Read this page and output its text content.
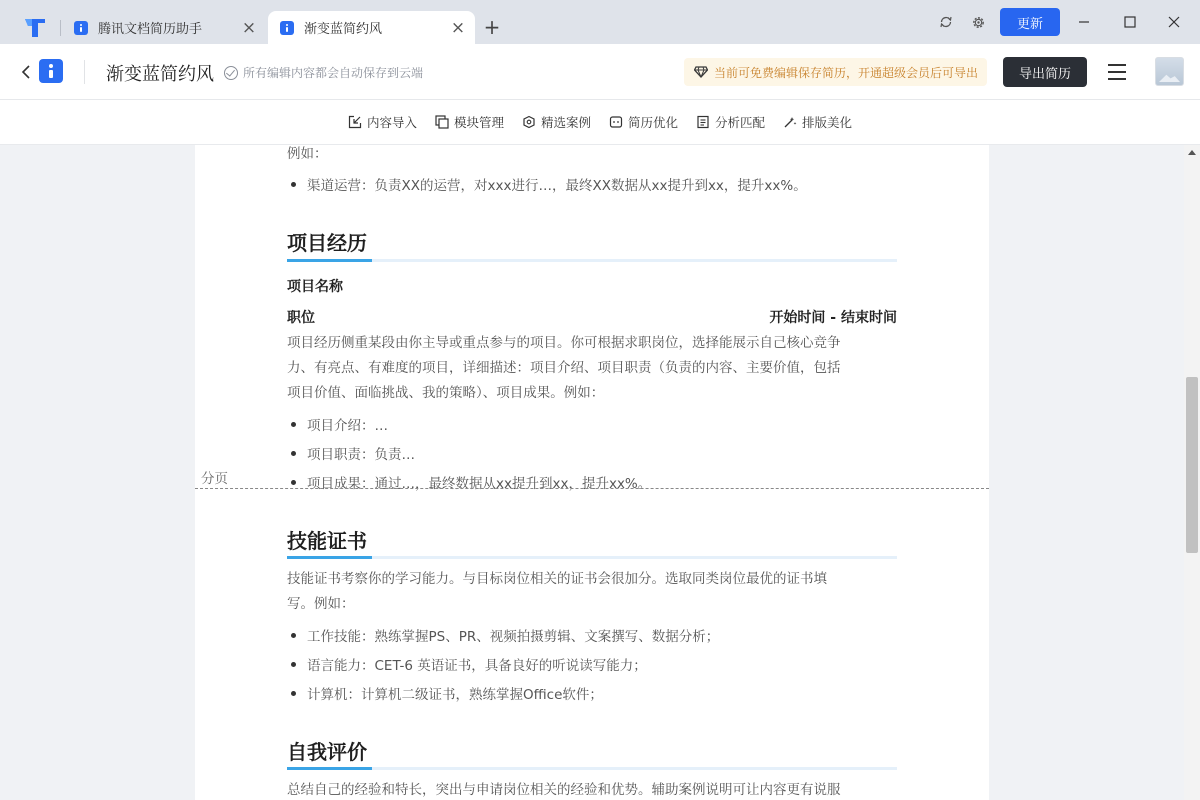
腾讯文档简历助手	×	渐变蓝简约风	× +	更新
渐变蓝简约风 所有编辑内容都会自动保存到云端	当前可免费编辑保存简历，开通超级会员后可导出	导出简历
内容导入	模块管理	精选案例	简历优化	分析匹配	排版美化
例如：
渠道运营：负责XX的运营，对xxx进行…，最终XX数据从xx提升到xx，提升xx%。
项目经历
项目名称
职位	开始时间 - 结束时间
项目经历侧重某段由你主导或重点参与的项目。你可根据求职岗位，选择能展示自己核心竞争
力、有亮点、有难度的项目，详细描述：项目介绍、项目职责（负责的内容、主要价值，包括
项目价值、面临挑战、我的策略）、项目成果。例如：
项目介绍：…
项目职责：负责…
项目成果：通过…，最终数据从xx提升到xx，提升xx%。
分页
技能证书
技能证书考察你的学习能力。与目标岗位相关的证书会很加分。选取同类岗位最优的证书填
写。例如：
工作技能：熟练掌握PS、PR、视频拍摄剪辑、文案撰写、数据分析；
语言能力：CET-6 英语证书，具备良好的听说读写能力；
计算机：计算机二级证书，熟练掌握Office软件；
自我评价
总结自己的经验和特长，突出与申请岗位相关的经验和优势。辅助案例说明可让内容更有说服
